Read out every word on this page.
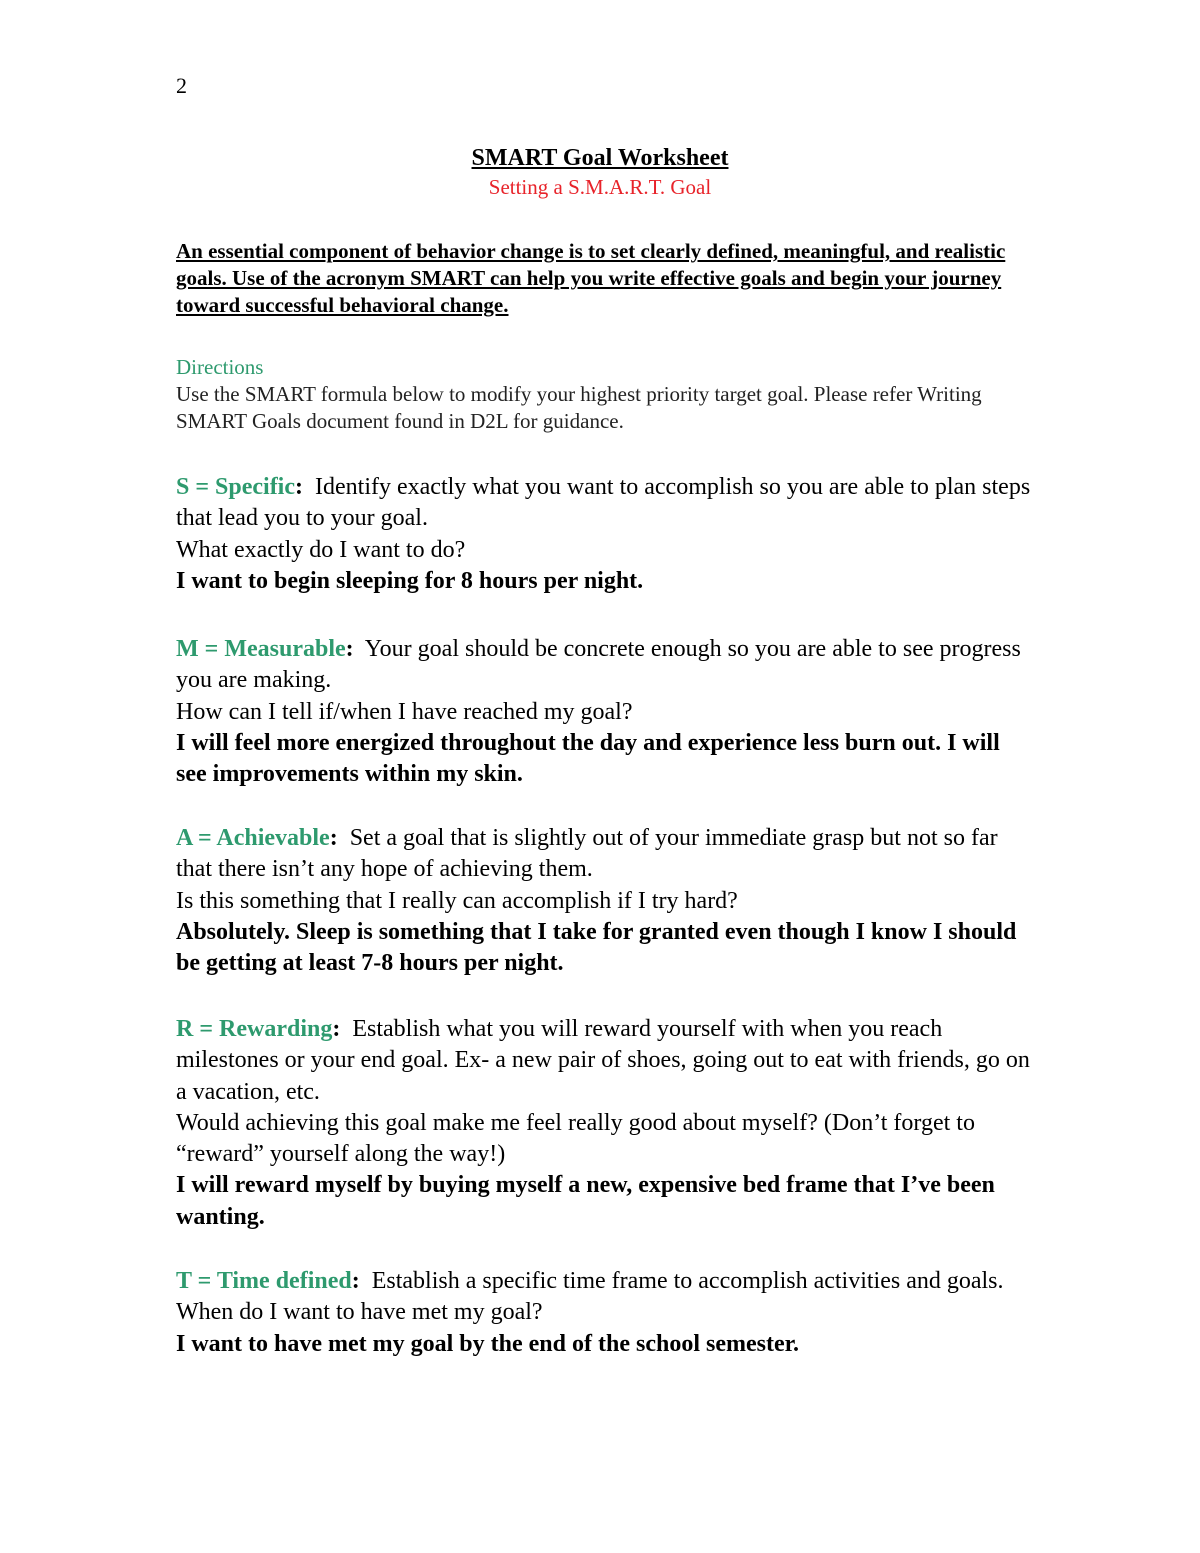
2
SMART Goal Worksheet
Setting a S.M.A.R.T. Goal
An essential component of behavior change is to set clearly defined, meaningful, and realistic goals. Use of the acronym SMART can help you write effective goals and begin your journey toward successful behavioral change.
Directions
Use the SMART formula below to modify your highest priority target goal. Please refer Writing SMART Goals document found in D2L for guidance.
S = Specific:  Identify exactly what you want to accomplish so you are able to plan steps that lead you to your goal.
What exactly do I want to do?
I want to begin sleeping for 8 hours per night.
M = Measurable:  Your goal should be concrete enough so you are able to see progress you are making.
How can I tell if/when I have reached my goal?
I will feel more energized throughout the day and experience less burn out. I will see improvements within my skin.
A = Achievable:  Set a goal that is slightly out of your immediate grasp but not so far that there isn’t any hope of achieving them.
Is this something that I really can accomplish if I try hard?
Absolutely. Sleep is something that I take for granted even though I know I should be getting at least 7-8 hours per night.
R = Rewarding:  Establish what you will reward yourself with when you reach milestones or your end goal. Ex- a new pair of shoes, going out to eat with friends, go on a vacation, etc.
Would achieving this goal make me feel really good about myself? (Don’t forget to “reward” yourself along the way!)
I will reward myself by buying myself a new, expensive bed frame that I’ve been wanting.
T = Time defined:  Establish a specific time frame to accomplish activities and goals.  When do I want to have met my goal?
I want to have met my goal by the end of the school semester.
